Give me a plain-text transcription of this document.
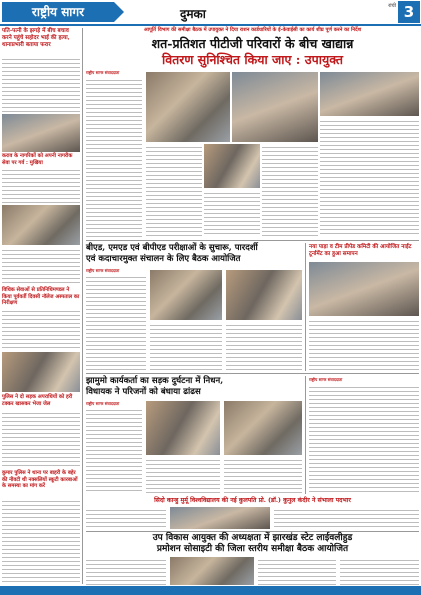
राष्ट्रीय सागर	दुमका
रांची 3
पति-पत्नी के झगड़े में बीच बचाव करने पहुंचे सहोदर भाई की हत्या, थानाप्रभारी बताया फरार
कराव के नागरिकों को अपनी नागरीक सेवा पर गर्व : मुखिया
विधिक सेवाओं से प्रतिनिधिमण्डल ने किया पूर्ववर्ती दिवसी नॉलेज अस्पताल का निरीक्षण
पुलिस ने दो सड़क अपराधियों को हरी टक्कर खासकर भेजा जेल
कुमार पुलिस ने थाना पर बाहरी के बहेर की नीवटी थी नक्सलियों स्कूटी कारबाओं के समस्या का मांग करें
आपूर्ति विभाग की समीक्षा बैठक में उपायुक्त ने दिया राशन कार्डधारियों के ई-केवाईसी का कार्य शीघ्र पूर्ण करने का निर्देश
शत-प्रतिशत पीटीजी परिवारों के बीच खाद्यान्न
वितरण सुनिश्चित किया जाए : उपायुक्त
राष्ट्रीय सागर संवाददाता
बीएड, एमएड एवं बीपीएड परीक्षाओं के सुचारू, पारदर्शी
एवं कदाचारमुक्त संचालन के लिए बैठक आयोजित
राष्ट्रीय सागर संवाददाता
नया पाड़ा व टीम प्रीपेड कमिटी की आयोजित नाईट टूर्नामेंट का हुआ समापन
झामुमो कार्यकर्ता का सड़क दुर्घटना में निधन,
विधायक ने परिजनों को बंधाया ढांढस
राष्ट्रीय सागर संवाददाता
राष्ट्रीय सागर संवाददाता
सिदो कान्हु मुर्मू विश्वविद्यालय की नई कुलपति प्रो. (डॉ.) कुनुल कंदीर ने संभाला पदभार
उप विकास आयुक्त की अध्यक्षता में झारखंड स्टेट लाईवलीहुड
प्रमोशन सोसाइटी की जिला स्तरीय समीक्षा बैठक आयोजित
